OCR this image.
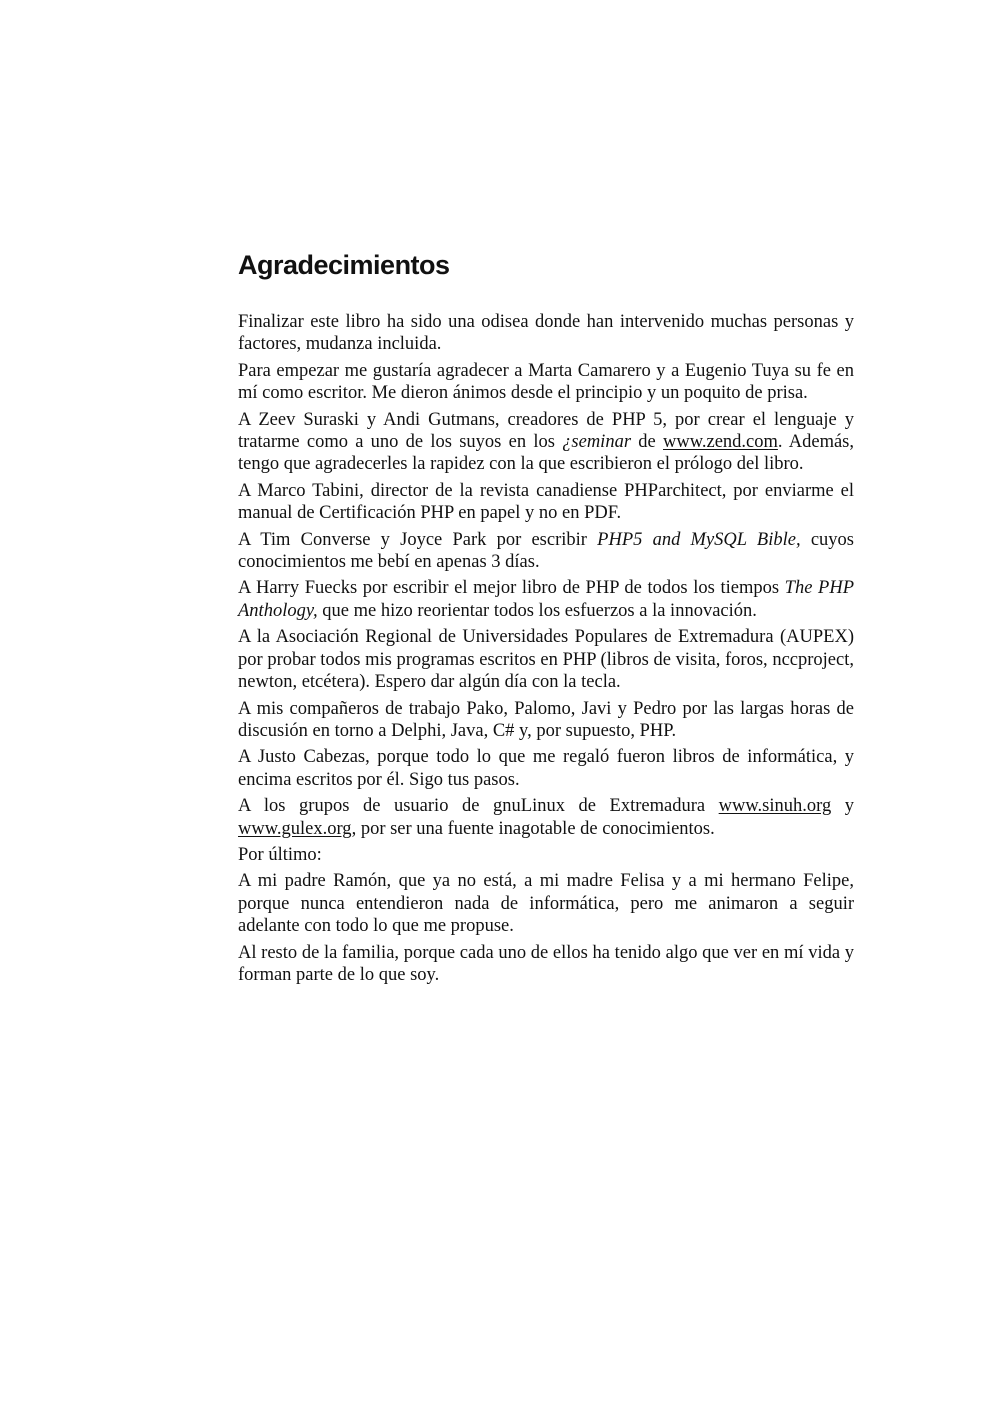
Agradecimientos

Finalizar este libro ha sido una odisea donde han intervenido muchas personas y factores, mudanza incluida.

Para empezar me gustaría agradecer a Marta Camarero y a Eugenio Tuya su fe en mí como escritor. Me dieron ánimos desde el principio y un poquito de prisa.

A Zeev Suraski y Andi Gutmans, creadores de PHP 5, por crear el lenguaje y tratarme como a uno de los suyos en los ¿seminar de www.zend.com. Además, tengo que agradecerles la rapidez con la que escribieron el prólogo del libro.

A Marco Tabini, director de la revista canadiense PHParchitect, por enviarme el manual de Certificación PHP en papel y no en PDF.

A Tim Converse y Joyce Park por escribir PHP5 and MySQL Bible, cuyos conocimientos me bebí en apenas 3 días.

A Harry Fuecks por escribir el mejor libro de PHP de todos los tiempos The PHP Anthology, que me hizo reorientar todos los esfuerzos a la innovación.

A la Asociación Regional de Universidades Populares de Extremadura (AUPEX) por probar todos mis programas escritos en PHP (libros de visita, foros, nccproject, newton, etcétera). Espero dar algún día con la tecla.

A mis compañeros de trabajo Pako, Palomo, Javi y Pedro por las largas horas de discusión en torno a Delphi, Java, C# y, por supuesto, PHP.

A Justo Cabezas, porque todo lo que me regaló fueron libros de informática, y encima escritos por él. Sigo tus pasos.

A los grupos de usuario de gnuLinux de Extremadura www.sinuh.org y www.gulex.org, por ser una fuente inagotable de conocimientos.

Por último:

A mi padre Ramón, que ya no está, a mi madre Felisa y a mi hermano Felipe, porque nunca entendieron nada de informática, pero me animaron a seguir adelante con todo lo que me propuse.

Al resto de la familia, porque cada uno de ellos ha tenido algo que ver en mí vida y forman parte de lo que soy.
